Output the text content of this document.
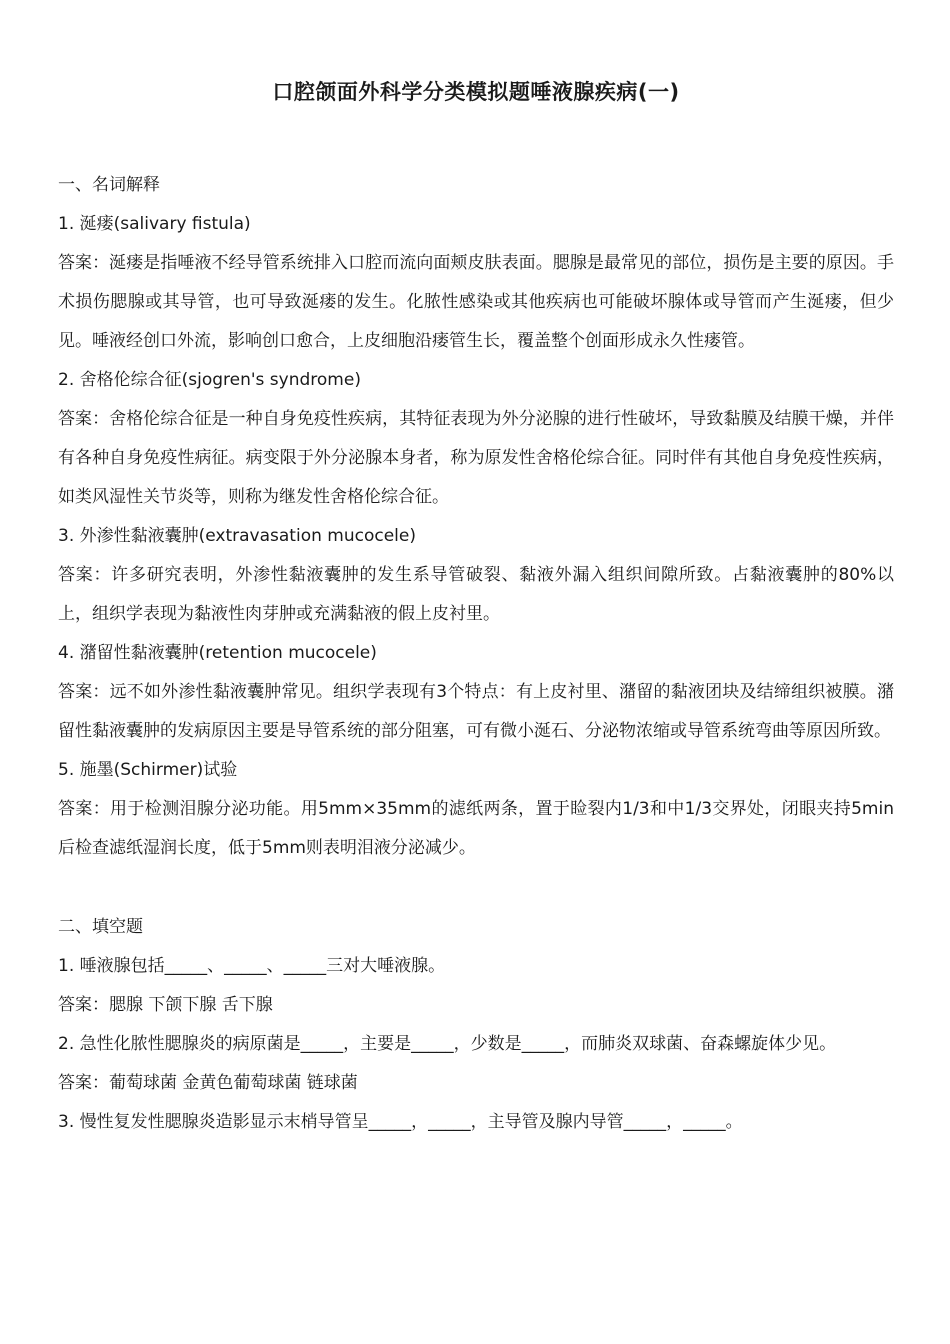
口腔颌面外科学分类模拟题唾液腺疾病(一)

一、名词解释

1. 涎瘘(salivary fistula)

答案：涎瘘是指唾液不经导管系统排入口腔而流向面颊皮肤表面。腮腺是最常见的部位，损伤是主要的原因。手术损伤腮腺或其导管，也可导致涎瘘的发生。化脓性感染或其他疾病也可能破坏腺体或导管而产生涎瘘，但少见。唾液经创口外流，影响创口愈合，上皮细胞沿瘘管生长，覆盖整个创面形成永久性瘘管。

2. 舍格伦综合征(sjogren's syndrome)

答案：舍格伦综合征是一种自身免疫性疾病，其特征表现为外分泌腺的进行性破坏，导致黏膜及结膜干燥，并伴有各种自身免疫性病征。病变限于外分泌腺本身者，称为原发性舍格伦综合征。同时伴有其他自身免疫性疾病，如类风湿性关节炎等，则称为继发性舍格伦综合征。

3. 外渗性黏液囊肿(extravasation mucocele)

答案：许多研究表明，外渗性黏液囊肿的发生系导管破裂、黏液外漏入组织间隙所致。占黏液囊肿的80%以上，组织学表现为黏液性肉芽肿或充满黏液的假上皮衬里。

4. 潴留性黏液囊肿(retention mucocele)

答案：远不如外渗性黏液囊肿常见。组织学表现有3个特点：有上皮衬里、潴留的黏液团块及结缔组织被膜。潴留性黏液囊肿的发病原因主要是导管系统的部分阻塞，可有微小涎石、分泌物浓缩或导管系统弯曲等原因所致。

5. 施墨(Schirmer)试验

答案：用于检测泪腺分泌功能。用5mm×35mm的滤纸两条，置于睑裂内1/3和中1/3交界处，闭眼夹持5min后检查滤纸湿润长度，低于5mm则表明泪液分泌减少。

二、填空题

1. 唾液腺包括_____、_____、_____三对大唾液腺。

答案：腮腺 下颌下腺 舌下腺

2. 急性化脓性腮腺炎的病原菌是_____，主要是_____，少数是_____，而肺炎双球菌、奋森螺旋体少见。

答案：葡萄球菌 金黄色葡萄球菌 链球菌

3. 慢性复发性腮腺炎造影显示末梢导管呈_____，_____，主导管及腺内导管_____，_____。
